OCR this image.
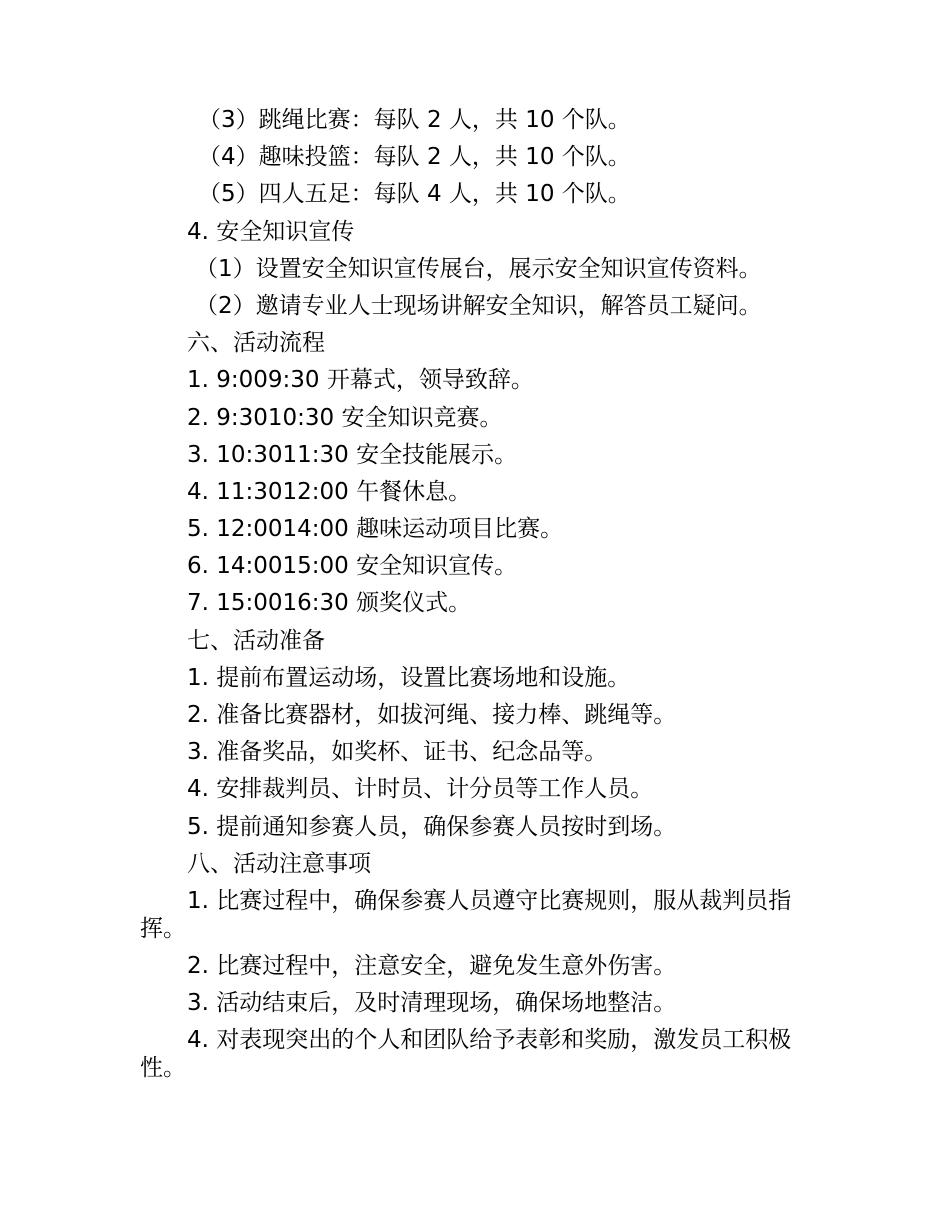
（3）跳绳比赛：每队 2 人，共 10 个队。

（4）趣味投篮：每队 2 人，共 10 个队。

（5）四人五足：每队 4 人，共 10 个队。

4. 安全知识宣传

（1）设置安全知识宣传展台，展示安全知识宣传资料。

（2）邀请专业人士现场讲解安全知识，解答员工疑问。

六、活动流程

1. 9:009:30 开幕式，领导致辞。

2. 9:3010:30 安全知识竞赛。

3. 10:3011:30 安全技能展示。

4. 11:3012:00 午餐休息。

5. 12:0014:00 趣味运动项目比赛。

6. 14:0015:00 安全知识宣传。

7. 15:0016:30 颁奖仪式。

七、活动准备

1. 提前布置运动场，设置比赛场地和设施。

2. 准备比赛器材，如拔河绳、接力棒、跳绳等。

3. 准备奖品，如奖杯、证书、纪念品等。

4. 安排裁判员、计时员、计分员等工作人员。

5. 提前通知参赛人员，确保参赛人员按时到场。

八、活动注意事项

1. 比赛过程中，确保参赛人员遵守比赛规则，服从裁判员指挥。

2. 比赛过程中，注意安全，避免发生意外伤害。

3. 活动结束后，及时清理现场，确保场地整洁。

4. 对表现突出的个人和团队给予表彰和奖励，激发员工积极性。
